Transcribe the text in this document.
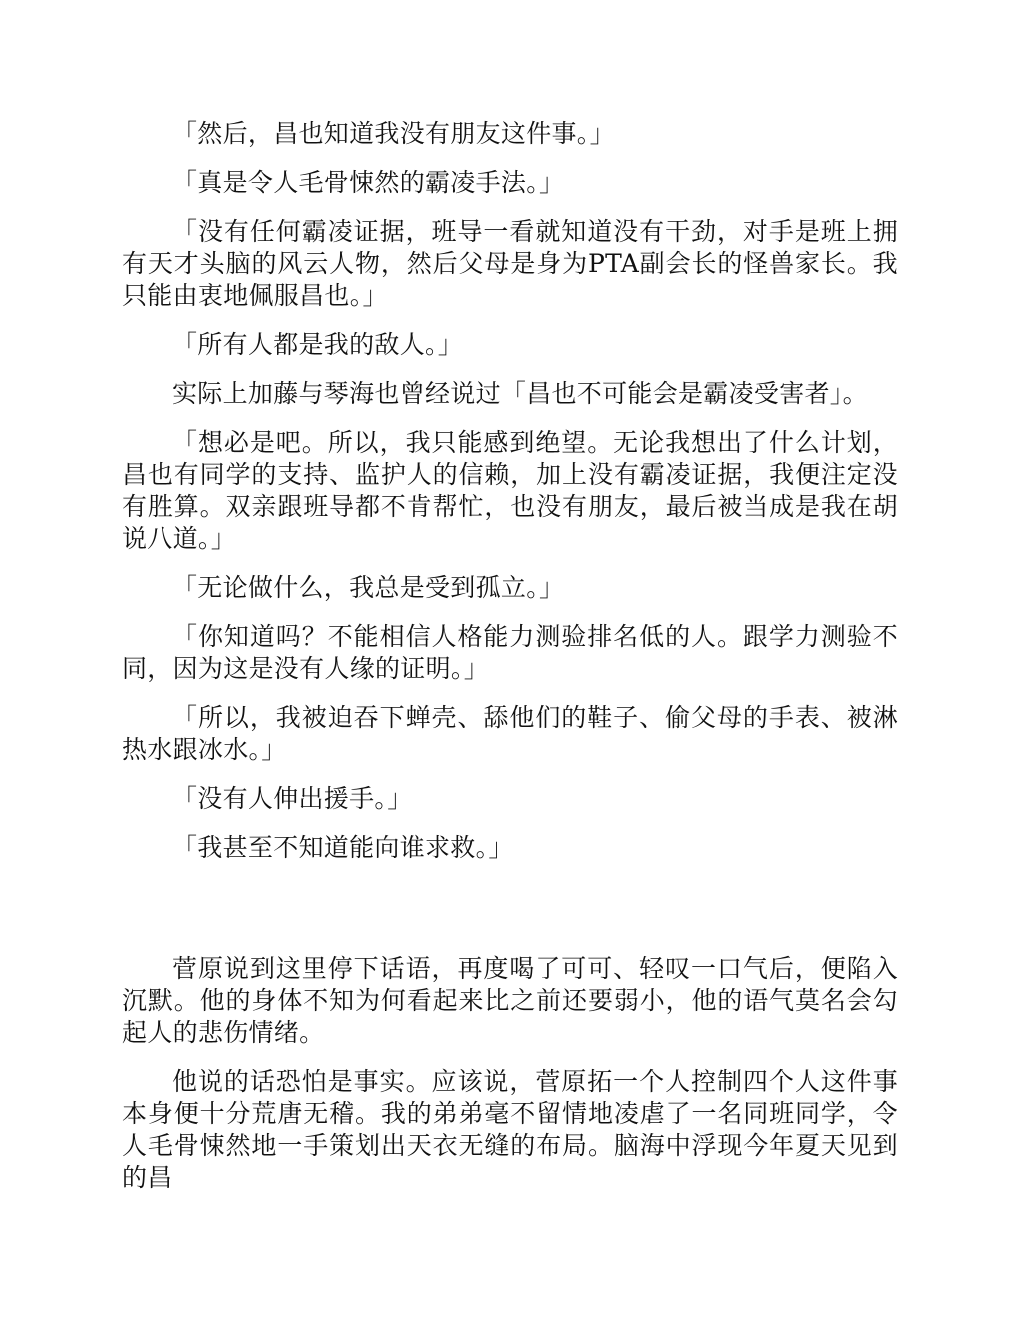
「然后，昌也知道我没有朋友这件事。」

「真是令人毛骨悚然的霸凌手法。」

「没有任何霸凌证据，班导一看就知道没有干劲，对手是班上拥有天才头脑的风云人物，然后父母是身为PTA副会长的怪兽家长。我只能由衷地佩服昌也。」

「所有人都是我的敌人。」

实际上加藤与琴海也曾经说过「昌也不可能会是霸凌受害者」。

「想必是吧。所以，我只能感到绝望。无论我想出了什么计划，昌也有同学的支持、监护人的信赖，加上没有霸凌证据，我便注定没有胜算。双亲跟班导都不肯帮忙，也没有朋友，最后被当成是我在胡说八道。」

「无论做什么，我总是受到孤立。」

「你知道吗？不能相信人格能力测验排名低的人。跟学力测验不同，因为这是没有人缘的证明。」

「所以，我被迫吞下蝉壳、舔他们的鞋子、偷父母的手表、被淋热水跟冰水。」

「没有人伸出援手。」

「我甚至不知道能向谁求救。」

菅原说到这里停下话语，再度喝了可可、轻叹一口气后，便陷入沉默。他的身体不知为何看起来比之前还要弱小，他的语气莫名会勾起人的悲伤情绪。

他说的话恐怕是事实。应该说，菅原拓一个人控制四个人这件事本身便十分荒唐无稽。我的弟弟毫不留情地凌虐了一名同班同学，令人毛骨悚然地一手策划出天衣无缝的布局。脑海中浮现今年夏天见到的昌
